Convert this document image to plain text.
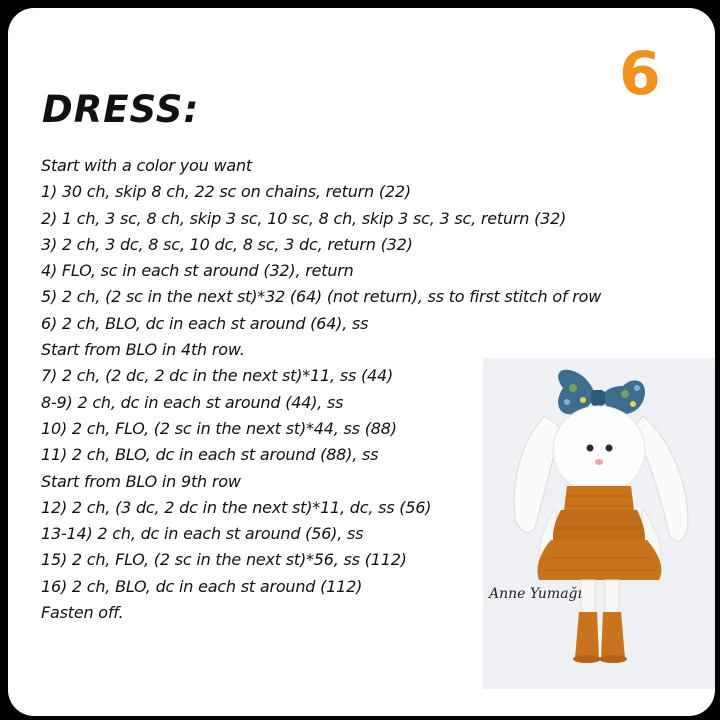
6
DRESS:
Start with a color you want
1) 30 ch, skip 8 ch, 22 sc on chains, return (22)
2) 1 ch, 3 sc, 8 ch, skip 3 sc, 10 sc, 8 ch, skip 3 sc, 3 sc, return (32)
3) 2 ch, 3 dc, 8 sc, 10 dc, 8 sc, 3 dc, return (32)
4) FLO, sc in each st around (32), return
5) 2 ch, (2 sc in the next st)*32 (64) (not return), ss to first stitch of row
6) 2 ch, BLO, dc in each st around (64), ss
Start from BLO in 4th row.
7) 2 ch, (2 dc, 2 dc in the next st)*11, ss (44)
8-9) 2 ch, dc in each st around (44), ss
10) 2 ch, FLO, (2 sc in the next st)*44, ss (88)
11) 2 ch, BLO, dc in each st around (88), ss
Start from BLO in 9th row
12) 2 ch, (3 dc, 2 dc in the next st)*11, dc, ss (56)
13-14) 2 ch, dc in each st around (56), ss
15) 2 ch, FLO, (2 sc in the next st)*56, ss (112)
16) 2 ch, BLO, dc in each st around (112)
Fasten off.
Anne Yumağı
